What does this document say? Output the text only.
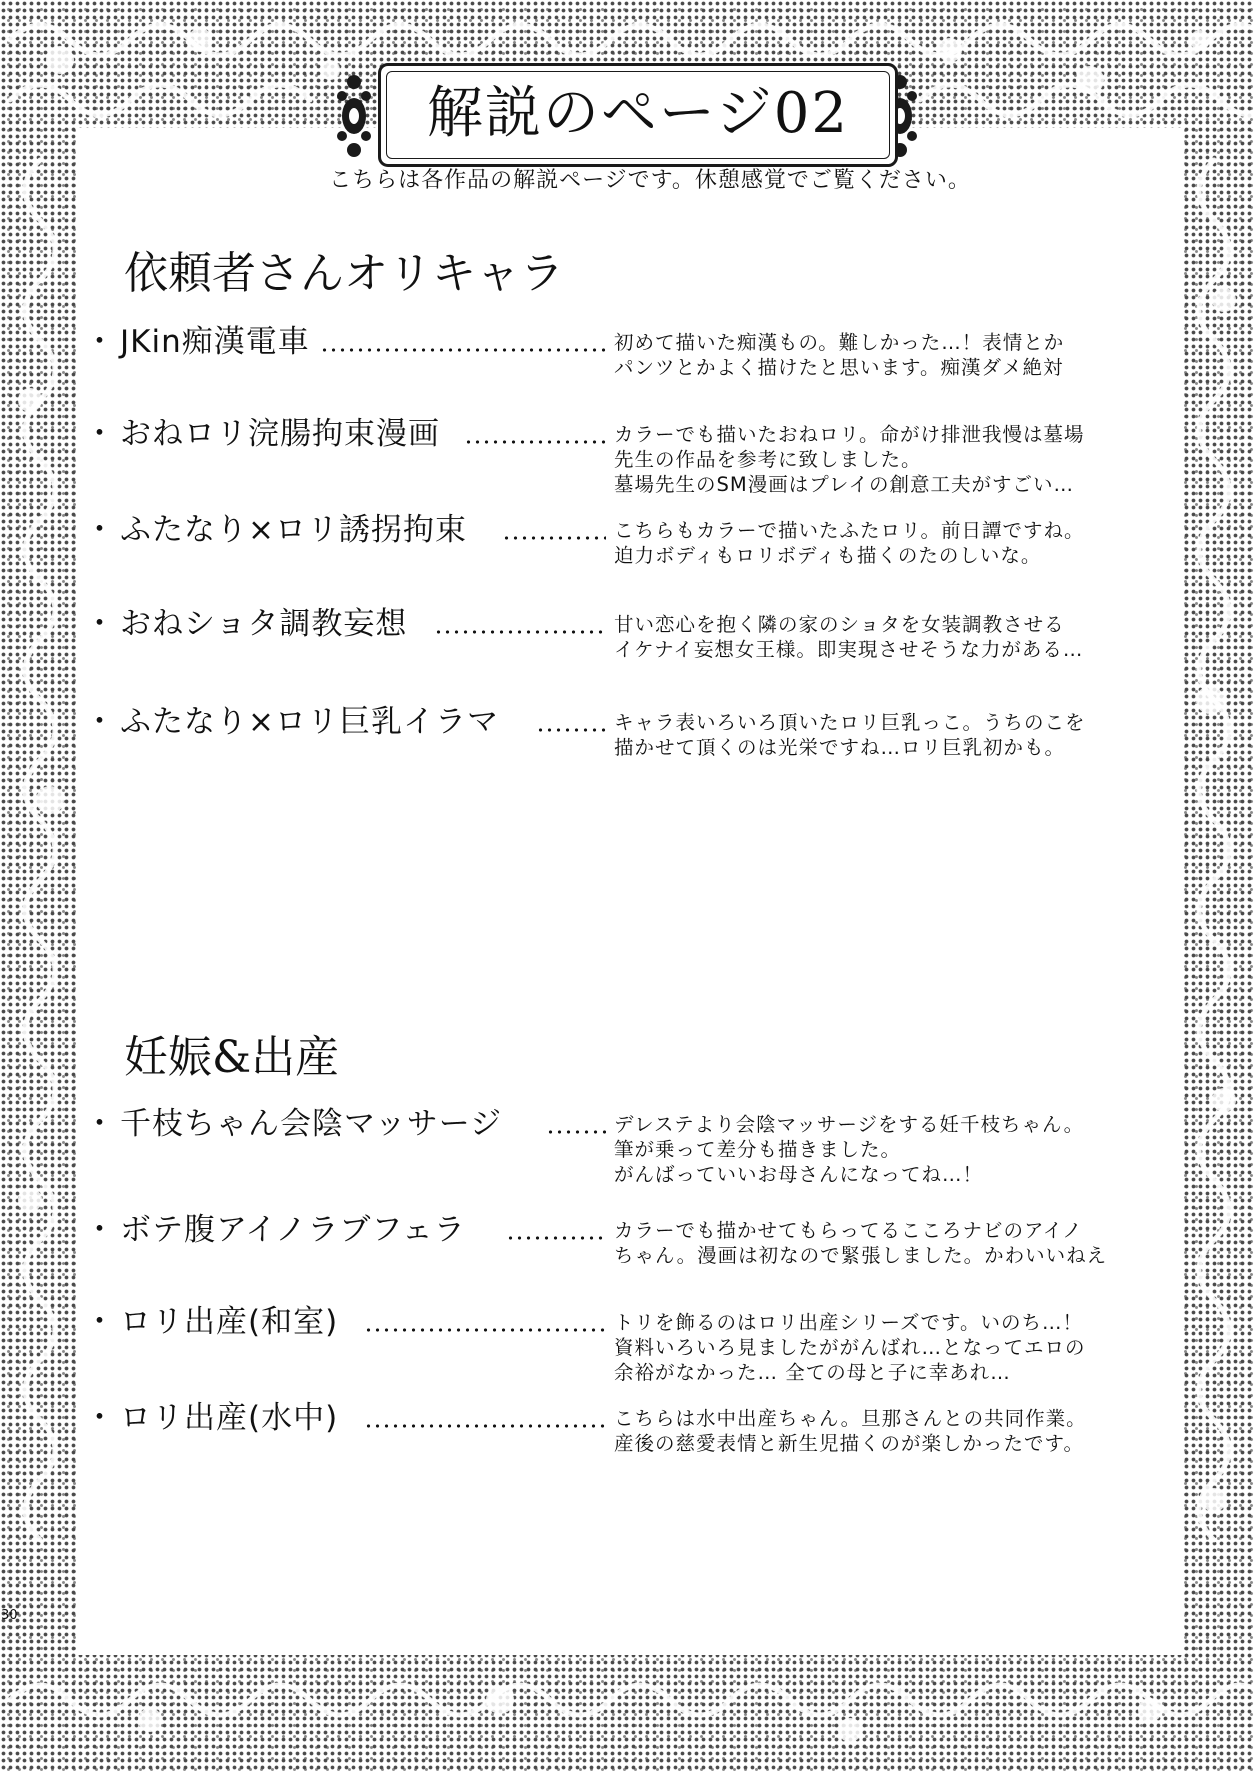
解説のページ02
こちらは各作品の解説ページです。休憩感覚でご覧ください。
依頼者さんオリキャラ
・ JKin痴漢電車	初めて描いた痴漢もの。難しかった…！表情とか
パンツとかよく描けたと思います。痴漢ダメ絶対
・ おねロリ浣腸拘束漫画	カラーでも描いたおねロリ。命がけ排泄我慢は墓場
先生の作品を参考に致しました。
墓場先生のSM漫画はプレイの創意工夫がすごい…
・ ふたなり×ロリ誘拐拘束	こちらもカラーで描いたふたロリ。前日譚ですね。
迫力ボディもロリボディも描くのたのしいな。
・ おねショタ調教妄想	甘い恋心を抱く隣の家のショタを女装調教させる
イケナイ妄想女王様。即実現させそうな力がある…
・ ふたなり×ロリ巨乳イラマ	キャラ表いろいろ頂いたロリ巨乳っこ。うちのこを
描かせて頂くのは光栄ですね…ロリ巨乳初かも。
妊娠&出産
・ 千枝ちゃん会陰マッサージ	デレステより会陰マッサージをする妊千枝ちゃん。
筆が乗って差分も描きました。
がんばっていいお母さんになってね…！
・ ボテ腹アイノラブフェラ	カラーでも描かせてもらってるこころナビのアイノ
ちゃん。漫画は初なので緊張しました。かわいいねえ
・ ロリ出産(和室)	トリを飾るのはロリ出産シリーズです。いのち…！
資料いろいろ見ましたががんばれ…となってエロの
余裕がなかった… 全ての母と子に幸あれ…
・ ロリ出産(水中)	こちらは水中出産ちゃん。旦那さんとの共同作業。
産後の慈愛表情と新生児描くのが楽しかったです。
30
